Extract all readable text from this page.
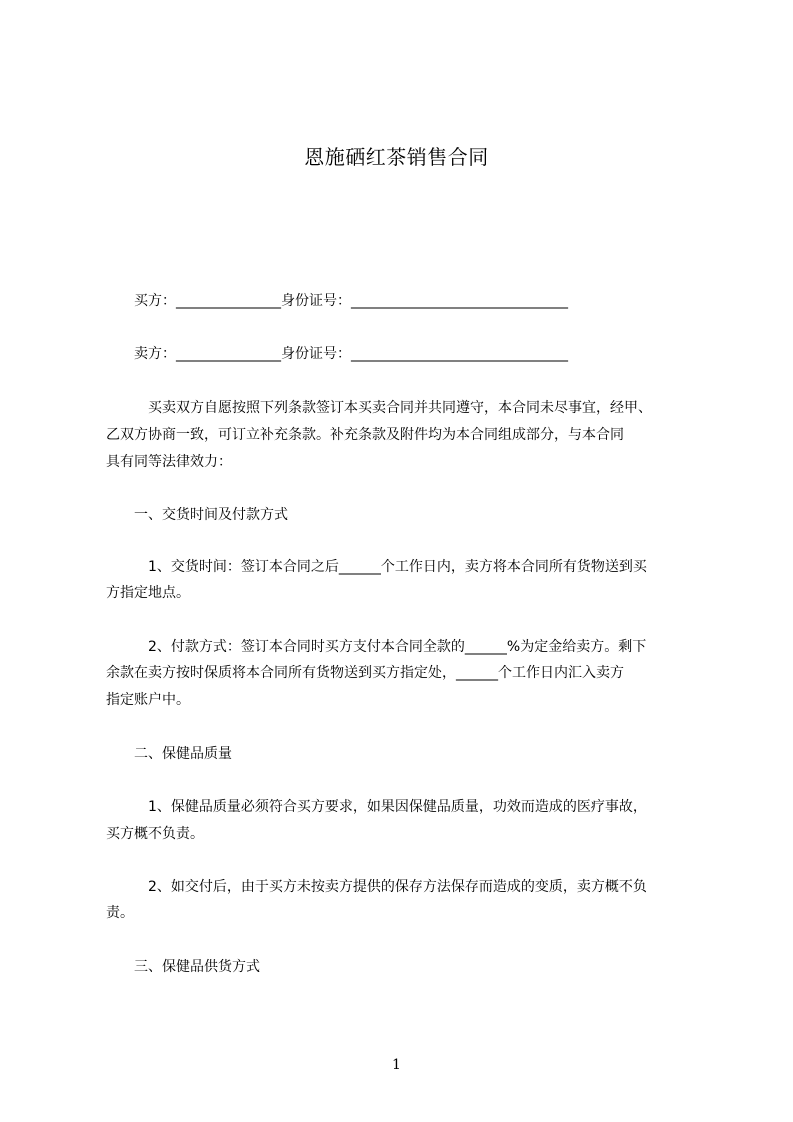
恩施硒红茶销售合同
　　买方：_______________身份证号：_______________________________
　　卖方：_______________身份证号：_______________________________
　　　买卖双方自愿按照下列条款签订本买卖合同并共同遵守，本合同未尽事宜，经甲、
乙双方协商一致，可订立补充条款。补充条款及附件均为本合同组成部分，与本合同
具有同等法律效力：
　　一、交货时间及付款方式
　　　1、交货时间：签订本合同之后______个工作日内，卖方将本合同所有货物送到买
方指定地点。
　　　2、付款方式：签订本合同时买方支付本合同全款的______%为定金给卖方。剩下
余款在卖方按时保质将本合同所有货物送到买方指定处，______个工作日内汇入卖方
指定账户中。
　　二、保健品质量
　　　1、保健品质量必须符合买方要求，如果因保健品质量，功效而造成的医疗事故，
买方概不负责。
　　　2、如交付后，由于买方未按卖方提供的保存方法保存而造成的变质，卖方概不负
责。
　　三、保健品供货方式
1
